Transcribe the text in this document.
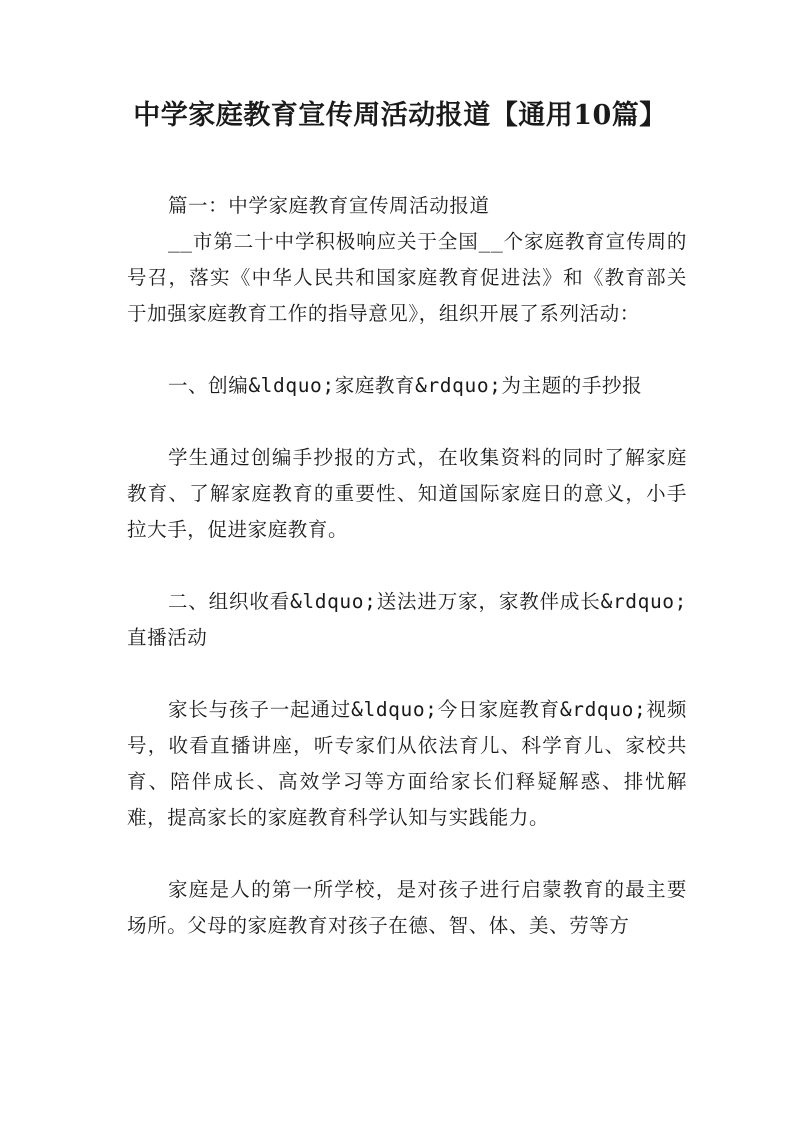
中学家庭教育宣传周活动报道【通用10篇】

篇一：中学家庭教育宣传周活动报道

__市第二十中学积极响应关于全国__个家庭教育宣传周的号召，落实《中华人民共和国家庭教育促进法》和《教育部关于加强家庭教育工作的指导意见》，组织开展了系列活动：

一、创编&ldquo;家庭教育&rdquo;为主题的手抄报

学生通过创编手抄报的方式，在收集资料的同时了解家庭教育、了解家庭教育的重要性、知道国际家庭日的意义，小手拉大手，促进家庭教育。

二、组织收看&ldquo;送法进万家，家教伴成长&rdquo;直播活动

家长与孩子一起通过&ldquo;今日家庭教育&rdquo;视频号，收看直播讲座，听专家们从依法育儿、科学育儿、家校共育、陪伴成长、高效学习等方面给家长们释疑解惑、排忧解难，提高家长的家庭教育科学认知与实践能力。

家庭是人的第一所学校，是对孩子进行启蒙教育的最主要场所。父母的家庭教育对孩子在德、智、体、美、劳等方
